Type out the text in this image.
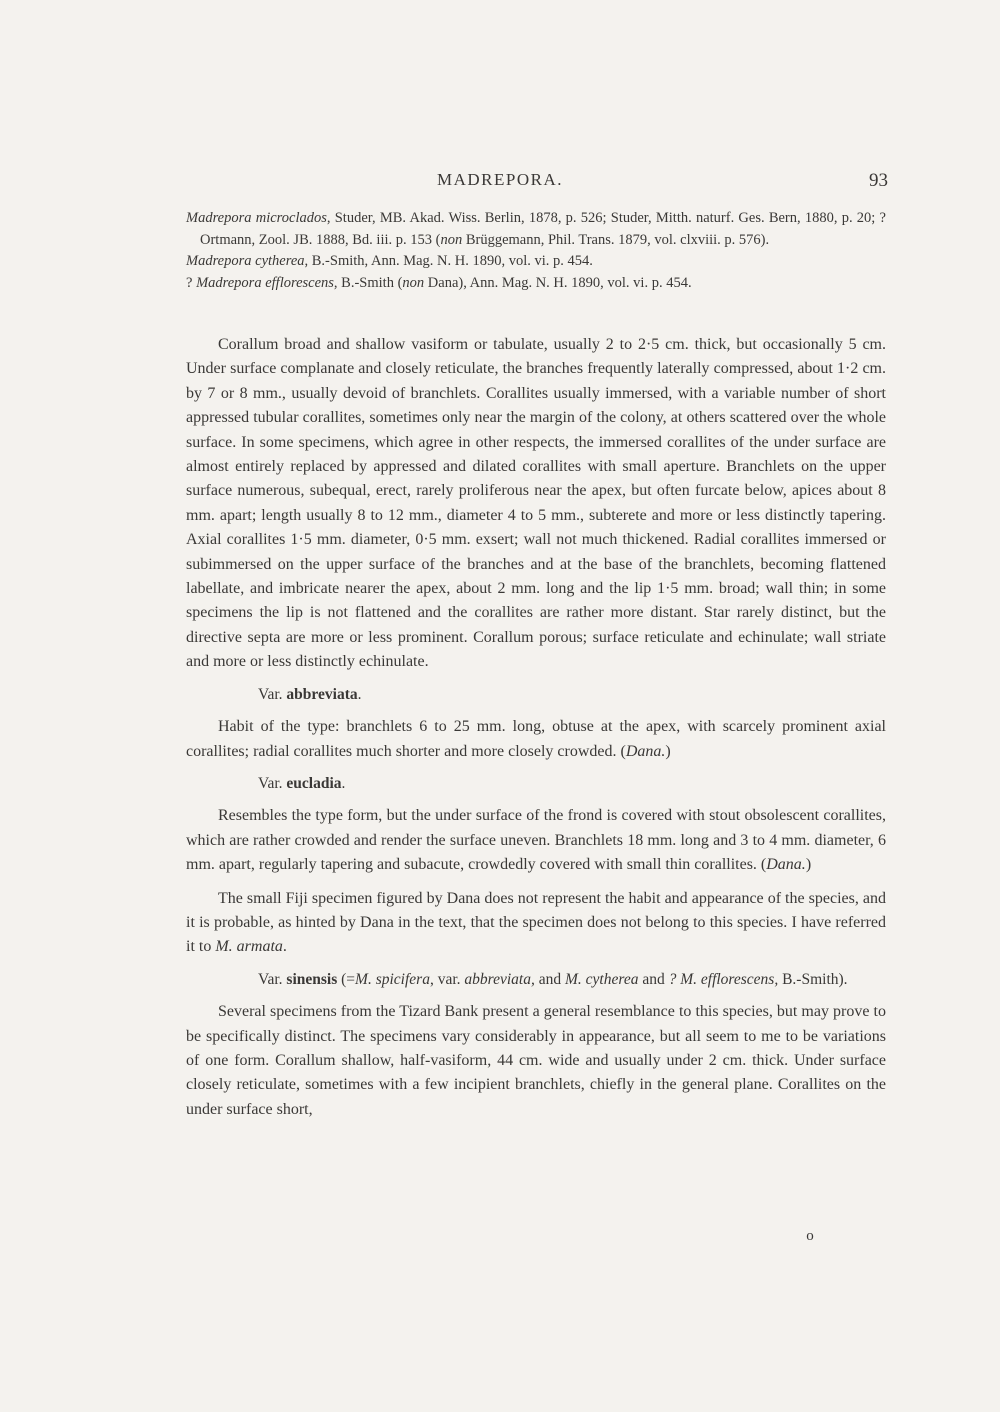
MADREPORA.	93
Madrepora microclados, Studer, MB. Akad. Wiss. Berlin, 1878, p. 526; Studer, Mitth. naturf. Ges. Bern, 1880, p. 20; ? Ortmann, Zool. JB. 1888, Bd. iii. p. 153 (non Brüggemann, Phil. Trans. 1879, vol. clxviii. p. 576).
Madrepora cytherea, B.-Smith, Ann. Mag. N. H. 1890, vol. vi. p. 454.
? Madrepora efflorescens, B.-Smith (non Dana), Ann. Mag. N. H. 1890, vol. vi. p. 454.

Corallum broad and shallow vasiform or tabulate, usually 2 to 2·5 cm. thick, but occasionally 5 cm. Under surface complanate and closely reticulate, the branches frequently laterally compressed, about 1·2 cm. by 7 or 8 mm., usually devoid of branchlets. Corallites usually immersed, with a variable number of short appressed tubular corallites, sometimes only near the margin of the colony, at others scattered over the whole surface. In some specimens, which agree in other respects, the immersed corallites of the under surface are almost entirely replaced by appressed and dilated corallites with small aperture. Branchlets on the upper surface numerous, subequal, erect, rarely proliferous near the apex, but often furcate below, apices about 8 mm. apart; length usually 8 to 12 mm., diameter 4 to 5 mm., subterete and more or less distinctly tapering. Axial corallites 1·5 mm. diameter, 0·5 mm. exsert; wall not much thickened. Radial corallites immersed or subimmersed on the upper surface of the branches and at the base of the branchlets, becoming flattened labellate, and imbricate nearer the apex, about 2 mm. long and the lip 1·5 mm. broad; wall thin; in some specimens the lip is not flattened and the corallites are rather more distant. Star rarely distinct, but the directive septa are more or less prominent. Corallum porous; surface reticulate and echinulate; wall striate and more or less distinctly echinulate.

Var. abbreviata.

Habit of the type: branchlets 6 to 25 mm. long, obtuse at the apex, with scarcely prominent axial corallites; radial corallites much shorter and more closely crowded. (Dana.)

Var. eucladia.

Resembles the type form, but the under surface of the frond is covered with stout obsolescent corallites, which are rather crowded and render the surface uneven. Branchlets 18 mm. long and 3 to 4 mm. diameter, 6 mm. apart, regularly tapering and subacute, crowdedly covered with small thin corallites. (Dana.)

The small Fiji specimen figured by Dana does not represent the habit and appearance of the species, and it is probable, as hinted by Dana in the text, that the specimen does not belong to this species. I have referred it to M. armata.

Var. sinensis (=M. spicifera, var. abbreviata, and M. cytherea and ? M. efflorescens, B.-Smith).

Several specimens from the Tizard Bank present a general resemblance to this species, but may prove to be specifically distinct. The specimens vary considerably in appearance, but all seem to me to be variations of one form. Corallum shallow, half-vasiform, 44 cm. wide and usually under 2 cm. thick. Under surface closely reticulate, sometimes with a few incipient branchlets, chiefly in the general plane. Corallites on the under surface short,

o
